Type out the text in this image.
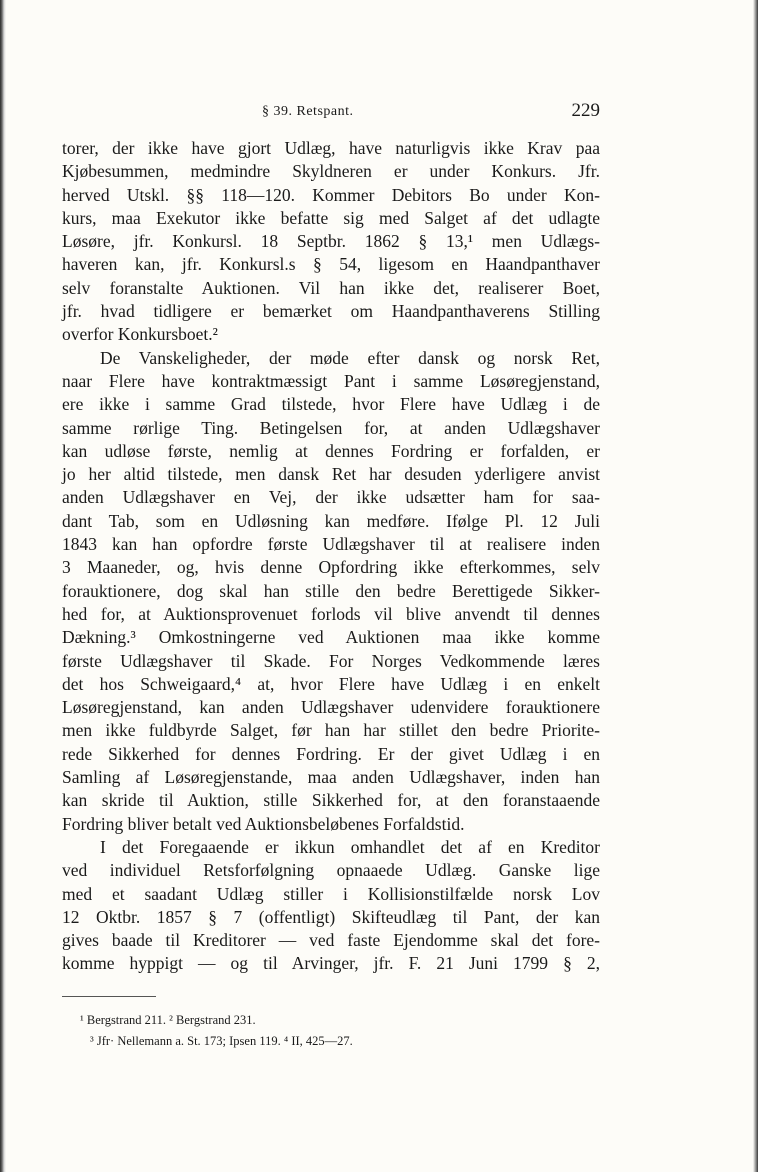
§ 39. Retspant.	229
torer, der ikke have gjort Udlæg, have naturligvis ikke Krav paa
Kjøbesummen, medmindre Skyldneren er under Konkurs. Jfr.
herved Utskl. §§ 118—120. Kommer Debitors Bo under Kon-
kurs, maa Exekutor ikke befatte sig med Salget af det udlagte
Løsøre, jfr. Konkursl. 18 Septbr. 1862 § 13,¹ men Udlægs-
haveren kan, jfr. Konkursl.s § 54, ligesom en Haandpanthaver
selv foranstalte Auktionen. Vil han ikke det, realiserer Boet,
jfr. hvad tidligere er bemærket om Haandpanthaverens Stilling
overfor Konkursboet.²
De Vanskeligheder, der møde efter dansk og norsk Ret,
naar Flere have kontraktmæssigt Pant i samme Løsøregjenstand,
ere ikke i samme Grad tilstede, hvor Flere have Udlæg i de
samme rørlige Ting. Betingelsen for, at anden Udlægshaver
kan udløse første, nemlig at dennes Fordring er forfalden, er
jo her altid tilstede, men dansk Ret har desuden yderligere anvist
anden Udlægshaver en Vej, der ikke udsætter ham for saa-
dant Tab, som en Udløsning kan medføre. Ifølge Pl. 12 Juli
1843 kan han opfordre første Udlægshaver til at realisere inden
3 Maaneder, og, hvis denne Opfordring ikke efterkommes, selv
forauktionere, dog skal han stille den bedre Berettigede Sikker-
hed for, at Auktionsprovenuet forlods vil blive anvendt til dennes
Dækning.³ Omkostningerne ved Auktionen maa ikke komme
første Udlægshaver til Skade. For Norges Vedkommende læres
det hos Schweigaard,⁴ at, hvor Flere have Udlæg i en enkelt
Løsøregjenstand, kan anden Udlægshaver udenvidere forauktionere
men ikke fuldbyrde Salget, før han har stillet den bedre Priorite-
rede Sikkerhed for dennes Fordring. Er der givet Udlæg i en
Samling af Løsøregjenstande, maa anden Udlægshaver, inden han
kan skride til Auktion, stille Sikkerhed for, at den foranstaaende
Fordring bliver betalt ved Auktionsbeløbenes Forfaldstid.
I det Foregaaende er ikkun omhandlet det af en Kreditor
ved individuel Retsforfølgning opnaaede Udlæg. Ganske lige
med et saadant Udlæg stiller i Kollisionstilfælde norsk Lov
12 Oktbr. 1857 § 7 (offentligt) Skifteudlæg til Pant, der kan
gives baade til Kreditorer — ved faste Ejendomme skal det fore-
komme hyppigt — og til Arvinger, jfr. F. 21 Juni 1799 § 2,
¹ Bergstrand 211. ² Bergstrand 231.
³ Jfr· Nellemann a. St. 173; Ipsen 119. ⁴ II, 425—27.
